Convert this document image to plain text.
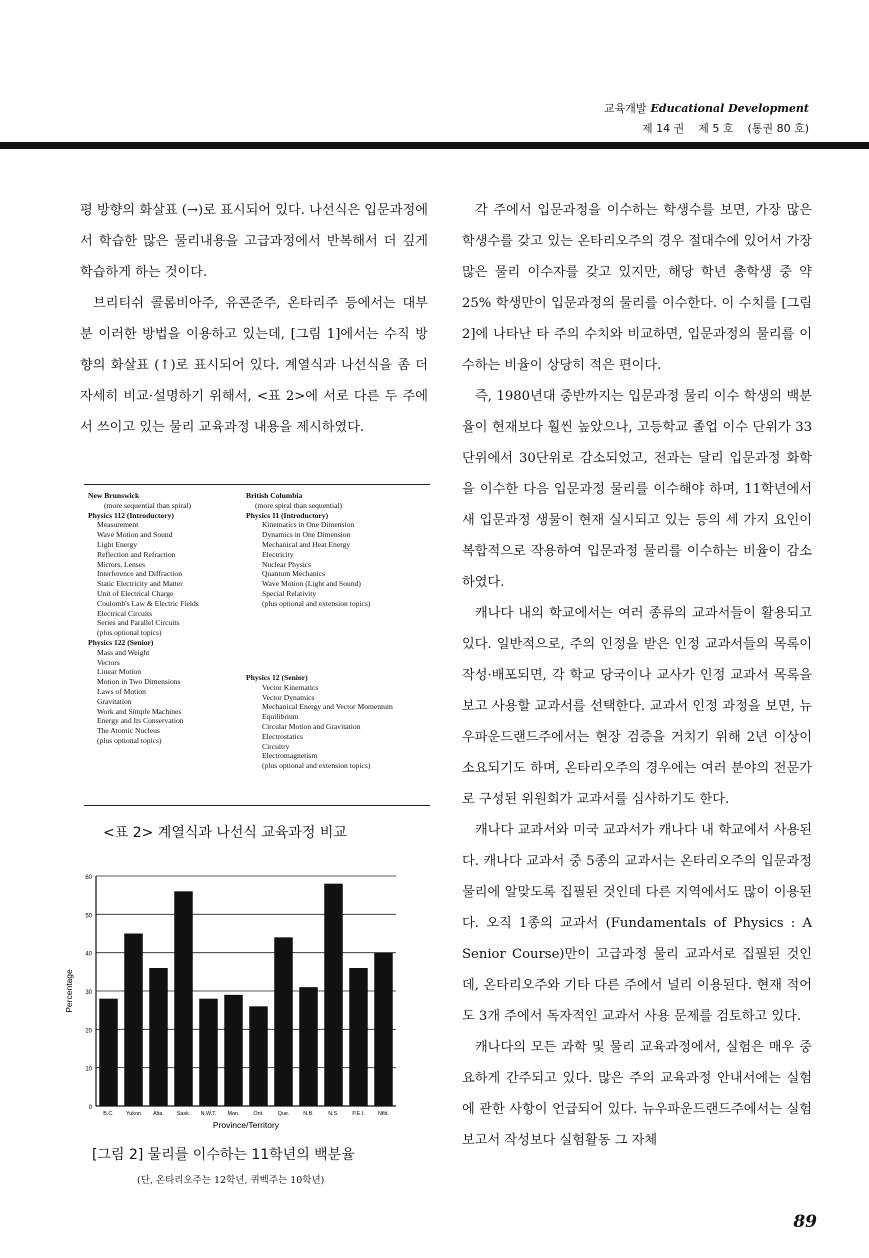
교육개발 Educational Development
제 14 권 제 5 호 (통권 80 호)

평 방향의 화살표 (→)로 표시되어 있다. 나선식은 입문과정에서 학습한 많은 물리내용을 고급과정에서 반복해서 더 깊게 학습하게 하는 것이다.

브리티쉬 콜롬비아주, 유콘준주, 온타리주 등에서는 대부분 이러한 방법을 이용하고 있는데, [그림 1]에서는 수직 방향의 화살표 (↑)로 표시되어 있다. 계열식과 나선식을 좀 더 자세히 비교·설명하기 위해서, <표 2>에 서로 다른 두 주에서 쓰이고 있는 물리 교육과정 내용을 제시하였다.

New Brunswick
(more sequential than spiral)
Physics 112 (Introductory)
Measurement
Wave Motion and Sound
Light Energy
Reflection and Refraction
Mirrors, Lenses
Interference and Diffraction
Static Electricity and Matter
Unit of Electrical Charge
Coulomb's Law & Electric Fields
Electrical Circuits
Series and Parallel Circuits
(plus optional topics)
Physics 122 (Senior)
Mass and Weight
Vectors
Linear Motion
Motion in Two Dimensions
Laws of Motion
Gravitation
Work and Simple Machines
Energy and Its Conservation
The Atomic Nucleus
(plus optional topics)
British Columbia
(more spiral than sequential)
Physics 11 (Introductory)
Kinematics in One Dimension
Dynamics in One Dimension
Mechanical and Heat Energy
Electricity
Nuclear Physics
Quantum Mechanics
Wave Motion (Light and Sound)
Special Relativity
(plus optional and extension topics)
Physics 12 (Senior)
Vector Kinematics
Vector Dynamics
Mechanical Energy and Vector Momentum
Equilibrium
Circular Motion and Gravitation
Electrostatics
Circuitry
Electromagnetism
(plus optional and extension topics)
<표 2> 계열식과 나선식 교육과정 비교
0
10
20
30
40
50
60
B.C. Yukon Alta. Sask. N.W.T. Man.	Ont.	Que.	N.B.	N.S.	P.E.I. Nfld.
Province/Territory
Percentage
[그림 2] 물리를 이수하는 11학년의 백분율
(단, 온타리오주는 12학년, 퀴벡주는 10학년)

각 주에서 입문과정을 이수하는 학생수를 보면, 가장 많은 학생수를 갖고 있는 온타리오주의 경우 절대수에 있어서 가장 많은 물리 이수자를 갖고 있지만, 해당 학년 총학생 중 약 25% 학생만이 입문과정의 물리를 이수한다. 이 수치를 [그림 2]에 나타난 타 주의 수치와 비교하면, 입문과정의 물리를 이수하는 비율이 상당히 적은 편이다.

즉, 1980년대 중반까지는 입문과정 물리 이수 학생의 백분율이 현재보다 훨씬 높았으나, 고등학교 졸업 이수 단위가 33단위에서 30단위로 감소되었고, 전과는 달리 입문과정 화학을 이수한 다음 입문과정 물리를 이수해야 하며, 11학년에서 새 입문과정 생물이 현재 실시되고 있는 등의 세 가지 요인이 복합적으로 작용하여 입문과정 물리를 이수하는 비율이 감소하였다.

캐나다 내의 학교에서는 여러 종류의 교과서들이 활용되고 있다. 일반적으로, 주의 인정을 받은 인정 교과서들의 목록이 작성·배포되면, 각 학교 당국이나 교사가 인정 교과서 목록을 보고 사용할 교과서를 선택한다. 교과서 인정 과정을 보면, 뉴우파운드랜드주에서는 현장 검증을 거치기 위해 2년 이상이 소요되기도 하며, 온타리오주의 경우에는 여러 분야의 전문가로 구성된 위원회가 교과서를 심사하기도 한다.

캐나다 교과서와 미국 교과서가 캐나다 내 학교에서 사용된다. 캐나다 교과서 중 5종의 교과서는 온타리오주의 입문과정 물리에 알맞도록 집필된 것인데 다른 지역에서도 많이 이용된다. 오직 1종의 교과서 (Fundamentals of Physics : A Senior Course)만이 고급과정 물리 교과서로 집필된 것인데, 온타리오주와 기타 다른 주에서 널리 이용된다. 현재 적어도 3개 주에서 독자적인 교과서 사용 문제를 검토하고 있다.

캐나다의 모든 과학 및 물리 교육과정에서, 실험은 매우 중요하게 간주되고 있다. 많은 주의 교육과정 안내서에는 실험에 관한 사항이 언급되어 있다. 뉴우파운드랜드주에서는 실험보고서 작성보다 실험활동 그 자체

89
